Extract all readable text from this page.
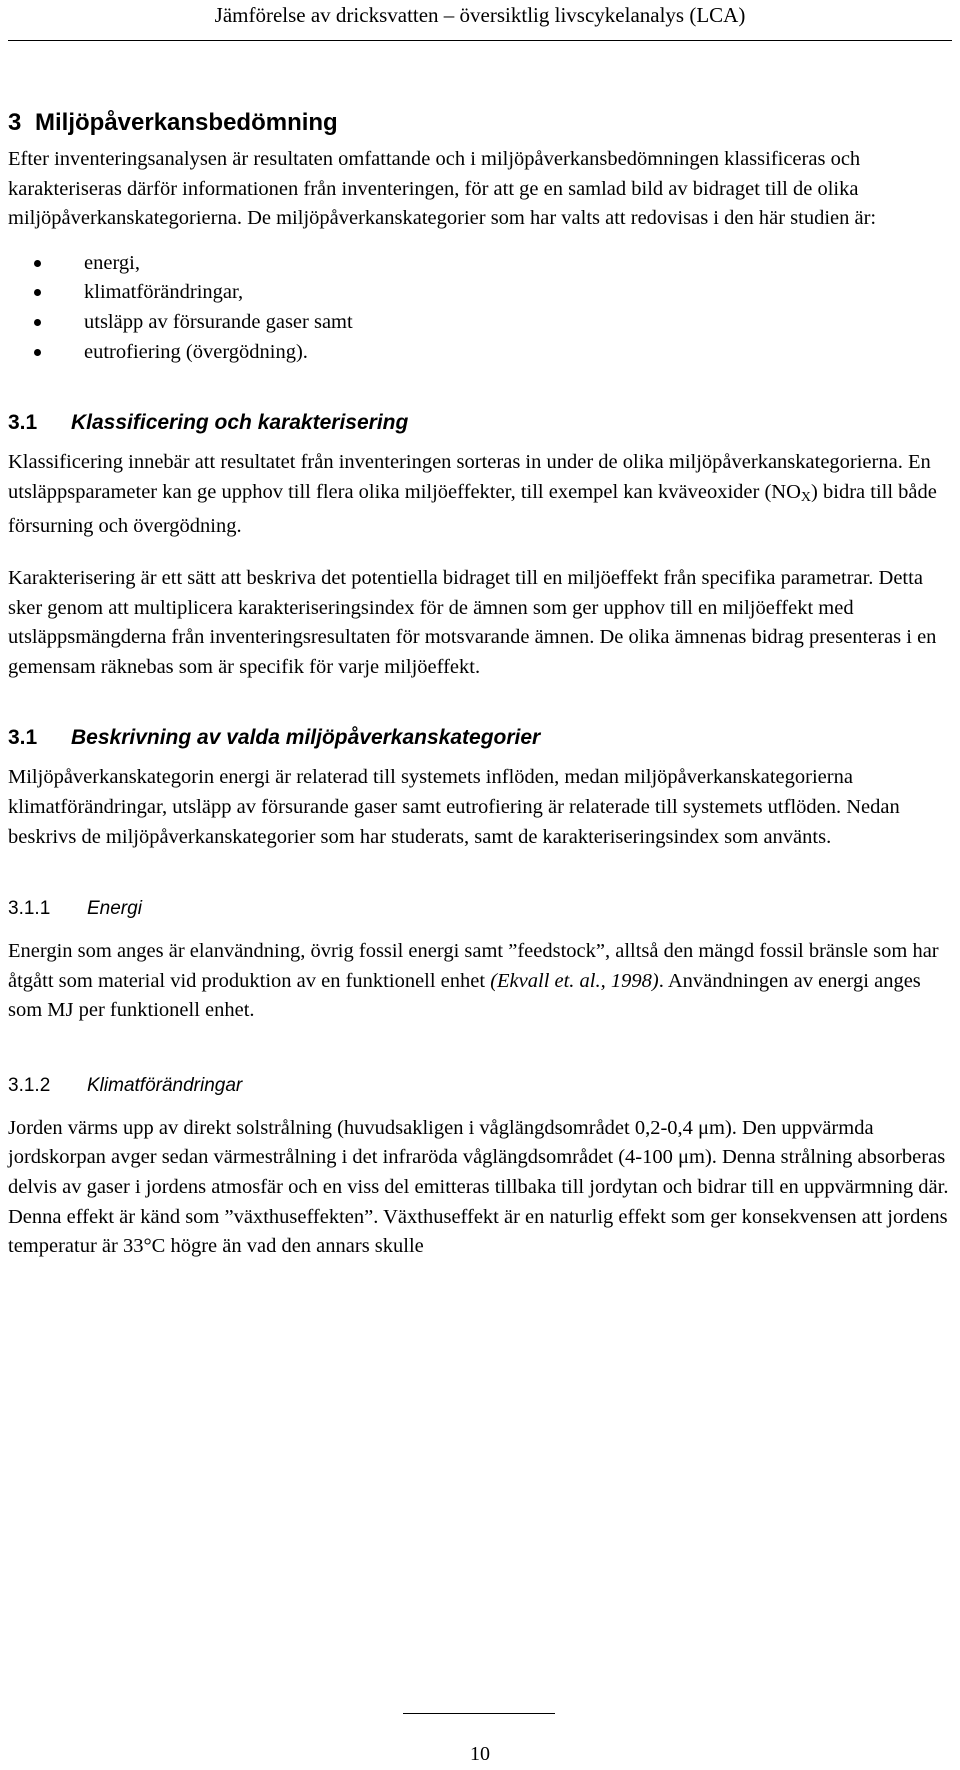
Jämförelse av dricksvatten – översiktlig livscykelanalys (LCA)
3 Miljöpåverkansbedömning

Efter inventeringsanalysen är resultaten omfattande och i miljöpåverkansbedömningen klassificeras och karakteriseras därför informationen från inventeringen, för att ge en samlad bild av bidraget till de olika miljöpåverkanskategorierna. De miljöpåverkanskategorier som har valts att redovisas i den här studien är:

energi,
klimatförändringar,
utsläpp av försurande gaser samt
eutrofiering (övergödning).
3.1 Klassificering och karakterisering

Klassificering innebär att resultatet från inventeringen sorteras in under de olika miljöpåverkanskategorierna. En utsläppsparameter kan ge upphov till flera olika miljöeffekter, till exempel kan kväveoxider (NOX) bidra till både försurning och övergödning.

Karakterisering är ett sätt att beskriva det potentiella bidraget till en miljöeffekt från specifika parametrar. Detta sker genom att multiplicera karakteriseringsindex för de ämnen som ger upphov till en miljöeffekt med utsläppsmängderna från inventeringsresultaten för motsvarande ämnen. De olika ämnenas bidrag presenteras i en gemensam räknebas som är specifik för varje miljöeffekt.

3.1 Beskrivning av valda miljöpåverkanskategorier

Miljöpåverkanskategorin energi är relaterad till systemets inflöden, medan miljöpåverkanskategorierna klimatförändringar, utsläpp av försurande gaser samt eutrofiering är relaterade till systemets utflöden. Nedan beskrivs de miljöpåverkanskategorier som har studerats, samt de karakteriseringsindex som använts.

3.1.1 Energi

Energin som anges är elanvändning, övrig fossil energi samt ”feedstock”, alltså den mängd fossil bränsle som har åtgått som material vid produktion av en funktionell enhet (Ekvall et. al., 1998). Användningen av energi anges som MJ per funktionell enhet.

3.1.2 Klimatförändringar

Jorden värms upp av direkt solstrålning (huvudsakligen i våglängdsområdet 0,2-0,4 μm). Den uppvärmda jordskorpan avger sedan värmestrålning i det infraröda våglängdsområdet (4-100 μm). Denna strålning absorberas delvis av gaser i jordens atmosfär och en viss del emitteras tillbaka till jordytan och bidrar till en uppvärmning där. Denna effekt är känd som ”växthuseffekten”. Växthuseffekt är en naturlig effekt som ger konsekvensen att jordens temperatur är 33°C högre än vad den annars skulle

10
